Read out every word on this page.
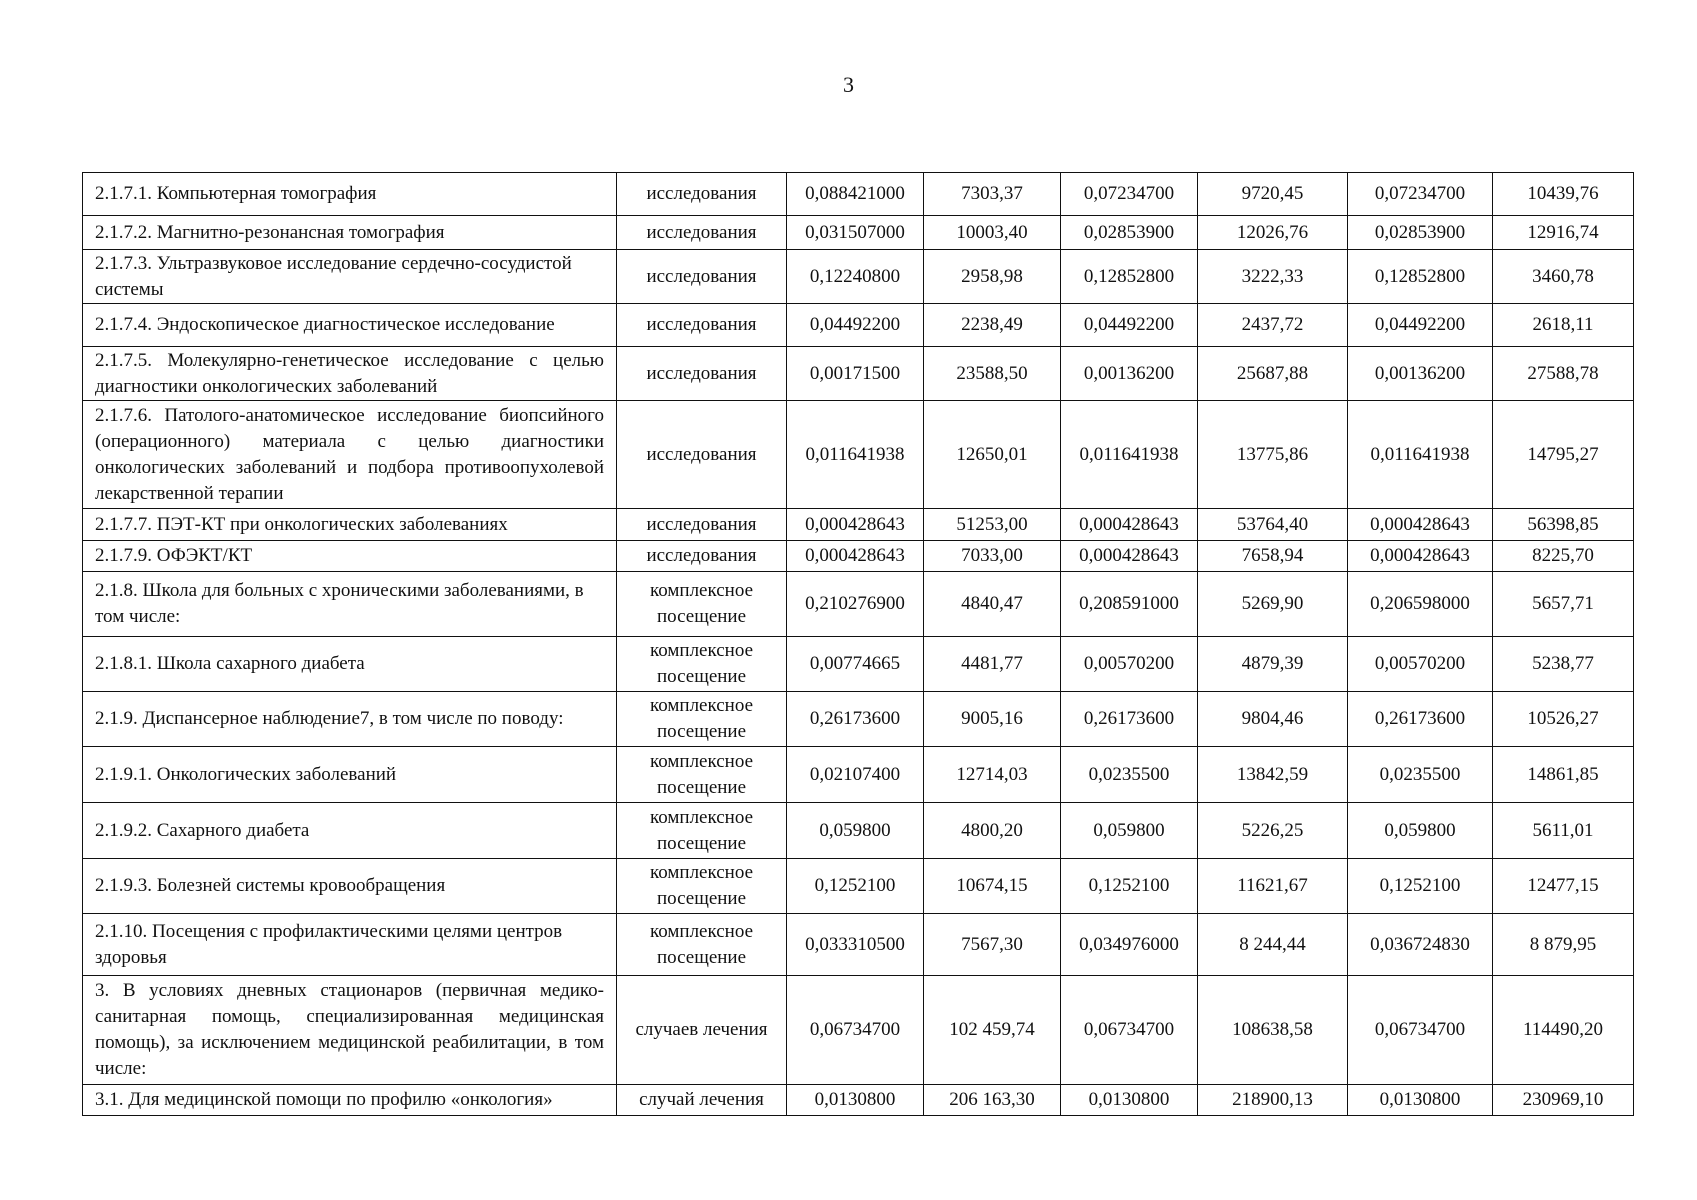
3
2.1.7.1. Компьютерная томография	исследования	0,088421000	7303,37	0,07234700	9720,45	0,07234700	10439,76
2.1.7.2. Магнитно-резонансная томография	исследования	0,031507000	10003,40	0,02853900	12026,76	0,02853900	12916,74
2.1.7.3. Ультразвуковое исследование сердечно-сосудистой системы	исследования	0,12240800	2958,98	0,12852800	3222,33	0,12852800	3460,78
2.1.7.4. Эндоскопическое диагностическое исследование	исследования	0,04492200	2238,49	0,04492200	2437,72	0,04492200	2618,11
2.1.7.5. Молекулярно-генетическое исследование с целью диагностики онкологических заболеваний	исследования	0,00171500	23588,50	0,00136200	25687,88	0,00136200	27588,78
2.1.7.6. Патолого-анатомическое исследование биопсийного (операционного) материала с целью диагностики онкологических заболеваний и подбора противоопухолевой лекарственной терапии	исследования	0,011641938	12650,01	0,011641938	13775,86	0,011641938	14795,27
2.1.7.7. ПЭТ-КТ при онкологических заболеваниях	исследования	0,000428643	51253,00	0,000428643	53764,40	0,000428643	56398,85
2.1.7.9. ОФЭКТ/КТ	исследования	0,000428643	7033,00	0,000428643	7658,94	0,000428643	8225,70
2.1.8. Школа для больных с хроническими заболеваниями, в том числе:	комплексное посещение	0,210276900	4840,47	0,208591000	5269,90	0,206598000	5657,71
2.1.8.1. Школа сахарного диабета	комплексное посещение	0,00774665	4481,77	0,00570200	4879,39	0,00570200	5238,77
2.1.9. Диспансерное наблюдение7, в том числе по поводу:	комплексное посещение	0,26173600	9005,16	0,26173600	9804,46	0,26173600	10526,27
2.1.9.1. Онкологических заболеваний	комплексное посещение	0,02107400	12714,03	0,0235500	13842,59	0,0235500	14861,85
2.1.9.2. Сахарного диабета	комплексное посещение	0,059800	4800,20	0,059800	5226,25	0,059800	5611,01
2.1.9.3. Болезней системы кровообращения	комплексное посещение	0,1252100	10674,15	0,1252100	11621,67	0,1252100	12477,15
2.1.10. Посещения с профилактическими целями центров здоровья	комплексное посещение	0,033310500	7567,30	0,034976000	8 244,44	0,036724830	8 879,95
3. В условиях дневных стационаров (первичная медико-санитарная помощь, специализированная медицинская помощь), за исключением медицинской реабилитации, в том числе:	случаев лечения	0,06734700	102 459,74	0,06734700	108638,58	0,06734700	114490,20
3.1. Для медицинской помощи по профилю «онкология»	случай лечения	0,0130800	206 163,30	0,0130800	218900,13	0,0130800	230969,10
